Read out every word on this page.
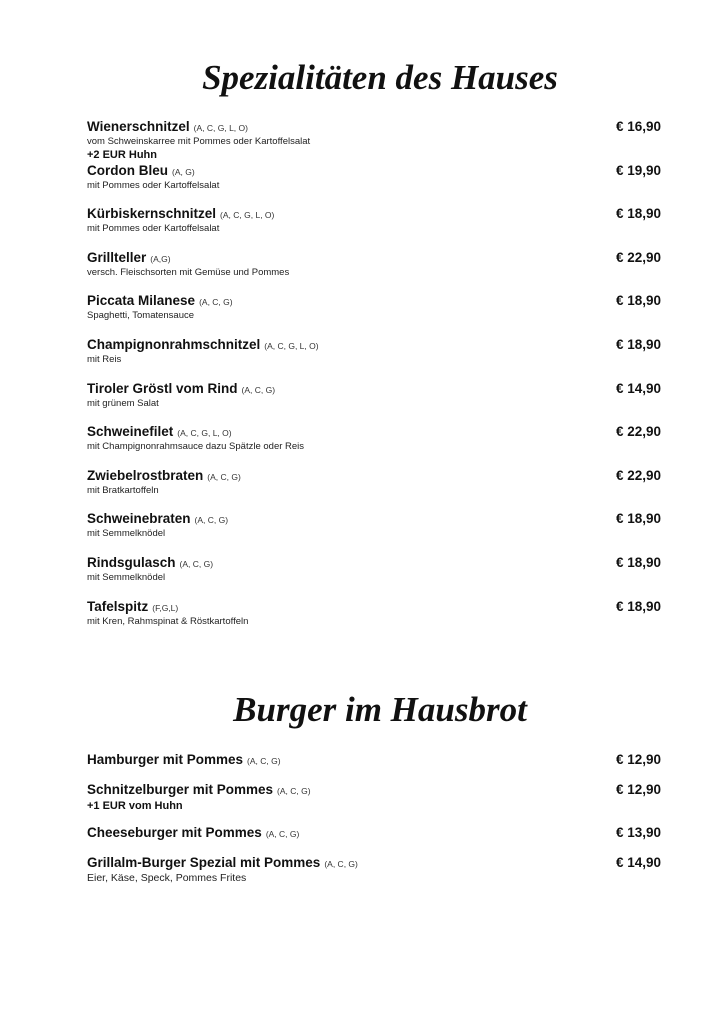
Spezialitäten des Hauses
Wienerschnitzel (A, C, G, L, O)	€ 16,90
vom Schweinskarree mit Pommes oder Kartoffelsalat
+2 EUR Huhn
Cordon Bleu (A, G)	€ 19,90
mit Pommes oder Kartoffelsalat
Kürbiskernschnitzel (A, C, G, L, O)	€ 18,90
mit Pommes oder Kartoffelsalat
Grillteller (A,G)	€ 22,90
versch. Fleischsorten mit Gemüse und Pommes
Piccata Milanese (A, C, G)	€ 18,90
Spaghetti, Tomatensauce
Champignonrahmschnitzel (A, C, G, L, O)	€ 18,90
mit Reis
Tiroler Gröstl vom Rind (A, C, G)	€ 14,90
mit grünem Salat
Schweinefilet (A, C, G, L, O)	€ 22,90
mit Champignonrahmsauce dazu Spätzle oder Reis
Zwiebelrostbraten (A, C, G)	€ 22,90
mit Bratkartoffeln
Schweinebraten (A, C, G)	€ 18,90
mit Semmelknödel
Rindsgulasch (A, C, G)	€ 18,90
mit Semmelknödel
Tafelspitz (F,G,L)	€ 18,90
mit Kren, Rahmspinat & Röstkartoffeln
Burger im Hausbrot
Hamburger mit Pommes (A, C, G)	€ 12,90
Schnitzelburger mit Pommes (A, C, G)	€ 12,90
+1 EUR vom Huhn
Cheeseburger mit Pommes (A, C, G)	€ 13,90
Grillalm-Burger Spezial mit Pommes (A, C, G)	€ 14,90
Eier, Käse, Speck, Pommes Frites
